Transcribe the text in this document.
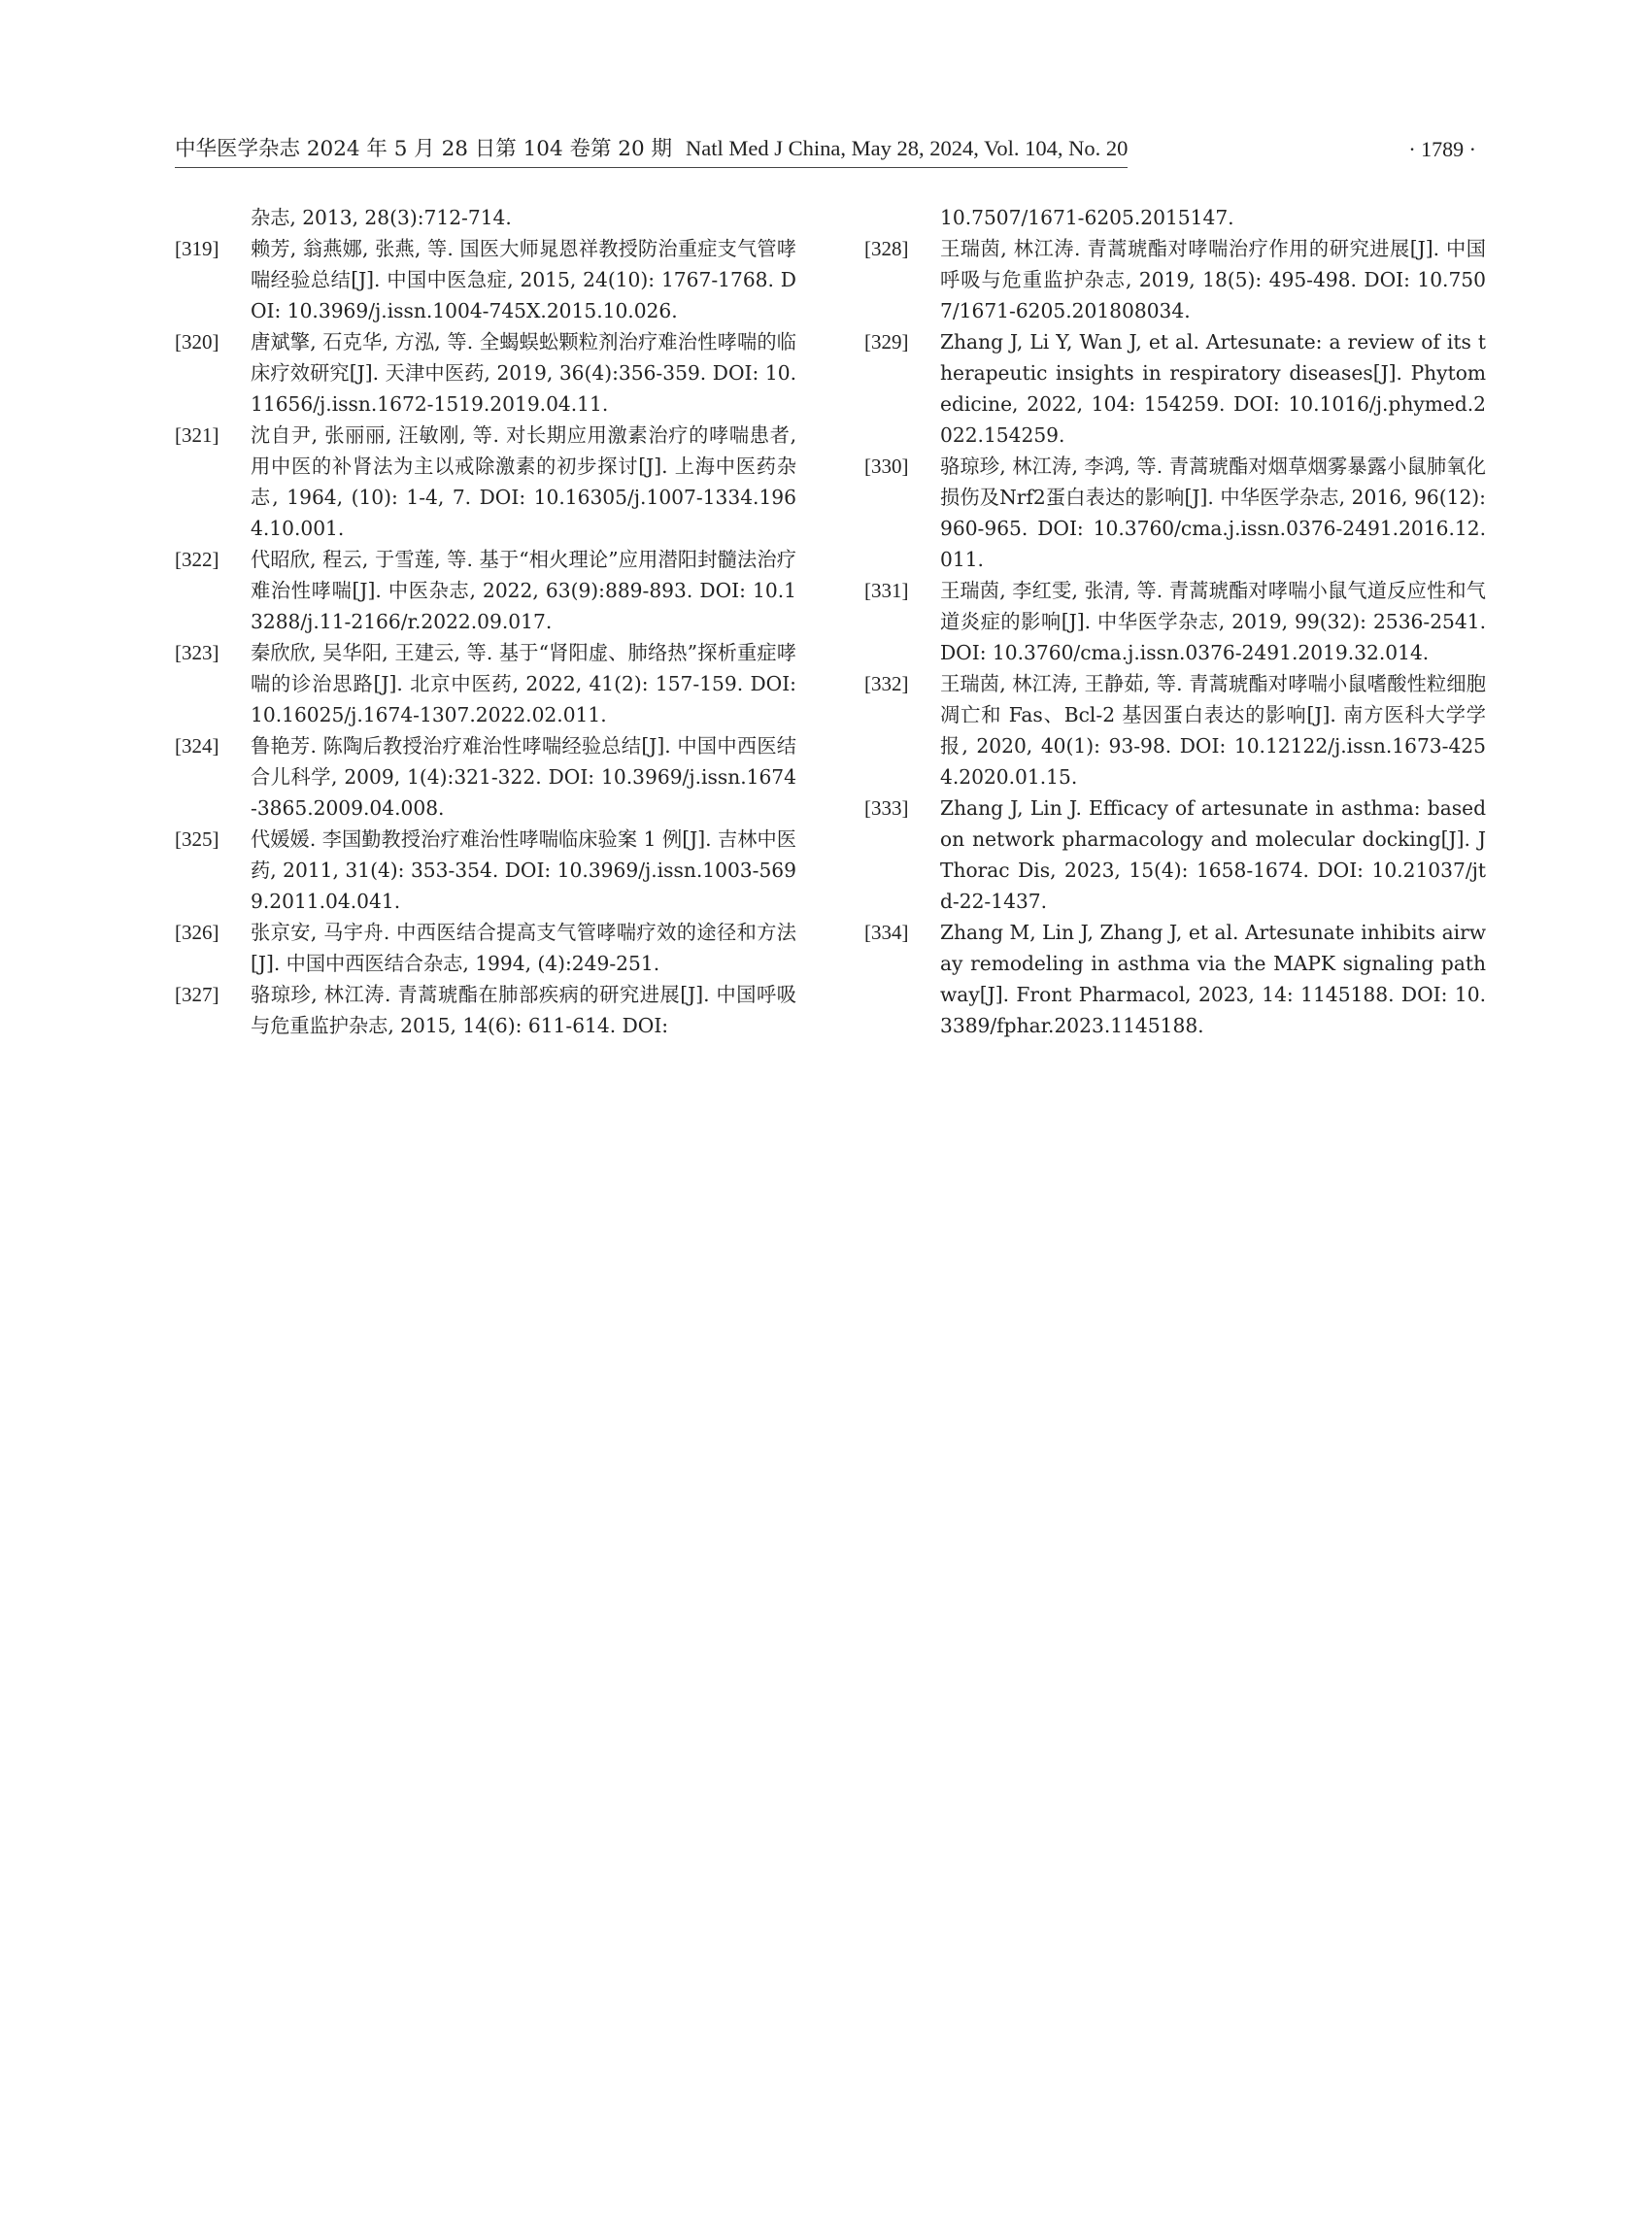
中华医学杂志 2024 年 5 月 28 日第 104 卷第 20 期 Natl Med J China, May 28, 2024, Vol. 104, No. 20	· 1789 ·
杂志, 2013, 28(3):712-714.
[319]	赖芳, 翁燕娜, 张燕, 等. 国医大师晁恩祥教授防治重症支气管哮喘经验总结[J]. 中国中医急症, 2015, 24(10): 1767-1768. DOI: 10.3969/j.issn.1004-745X.2015.10.026.
[320]	唐斌擎, 石克华, 方泓, 等. 全蝎蜈蚣颗粒剂治疗难治性哮喘的临床疗效研究[J]. 天津中医药, 2019, 36(4):356-359. DOI: 10.11656/j.issn.1672-1519.2019.04.11.
[321]	沈自尹, 张丽丽, 汪敏刚, 等. 对长期应用激素治疗的哮喘患者, 用中医的补肾法为主以戒除激素的初步探讨[J]. 上海中医药杂志, 1964, (10): 1-4, 7. DOI: 10.16305/j.1007-1334.1964.10.001.
[322]	代昭欣, 程云, 于雪莲, 等. 基于“相火理论”应用潜阳封髓法治疗难治性哮喘[J]. 中医杂志, 2022, 63(9):889-893. DOI: 10.13288/j.11-2166/r.2022.09.017.
[323]	秦欣欣, 吴华阳, 王建云, 等. 基于“肾阳虚、肺络热”探析重症哮喘的诊治思路[J]. 北京中医药, 2022, 41(2): 157-159. DOI: 10.16025/j.1674-1307.2022.02.011.
[324]	鲁艳芳. 陈陶后教授治疗难治性哮喘经验总结[J]. 中国中西医结合儿科学, 2009, 1(4):321-322. DOI: 10.3969/j.issn.1674-3865.2009.04.008.
[325]	代媛媛. 李国勤教授治疗难治性哮喘临床验案 1 例[J]. 吉林中医药, 2011, 31(4): 353-354. DOI: 10.3969/j.issn.1003-5699.2011.04.041.
[326]	张京安, 马宇舟. 中西医结合提高支气管哮喘疗效的途径和方法[J]. 中国中西医结合杂志, 1994, (4):249-251.
[327]	骆琼珍, 林江涛. 青蒿琥酯在肺部疾病的研究进展[J]. 中国呼吸与危重监护杂志, 2015, 14(6): 611-614. DOI:
10.7507/1671-6205.2015147.
[328]	王瑞茵, 林江涛. 青蒿琥酯对哮喘治疗作用的研究进展[J]. 中国呼吸与危重监护杂志, 2019, 18(5): 495-498. DOI: 10.7507/1671-6205.201808034.
[329]	Zhang J, Li Y, Wan J, et al. Artesunate: a review of its therapeutic insights in respiratory diseases[J]. Phytomedicine, 2022, 104: 154259. DOI: 10.1016/j.phymed.2022.154259.
[330]	骆琼珍, 林江涛, 李鸿, 等. 青蒿琥酯对烟草烟雾暴露小鼠肺氧化损伤及Nrf2蛋白表达的影响[J]. 中华医学杂志, 2016, 96(12): 960-965. DOI: 10.3760/cma.j.issn.0376-2491.2016.12.011.
[331]	王瑞茵, 李红雯, 张清, 等. 青蒿琥酯对哮喘小鼠气道反应性和气道炎症的影响[J]. 中华医学杂志, 2019, 99(32): 2536-2541. DOI: 10.3760/cma.j.issn.0376-2491.2019.32.014.
[332]	王瑞茵, 林江涛, 王静茹, 等. 青蒿琥酯对哮喘小鼠嗜酸性粒细胞凋亡和 Fas、Bcl-2 基因蛋白表达的影响[J]. 南方医科大学学报, 2020, 40(1): 93-98. DOI: 10.12122/j.issn.1673-4254.2020.01.15.
[333]	Zhang J, Lin J. Efficacy of artesunate in asthma: based on network pharmacology and molecular docking[J]. J Thorac Dis, 2023, 15(4): 1658-1674. DOI: 10.21037/jtd-22-1437.
[334]	Zhang M, Lin J, Zhang J, et al. Artesunate inhibits airway remodeling in asthma via the MAPK signaling pathway[J]. Front Pharmacol, 2023, 14: 1145188. DOI: 10.3389/fphar.2023.1145188.
